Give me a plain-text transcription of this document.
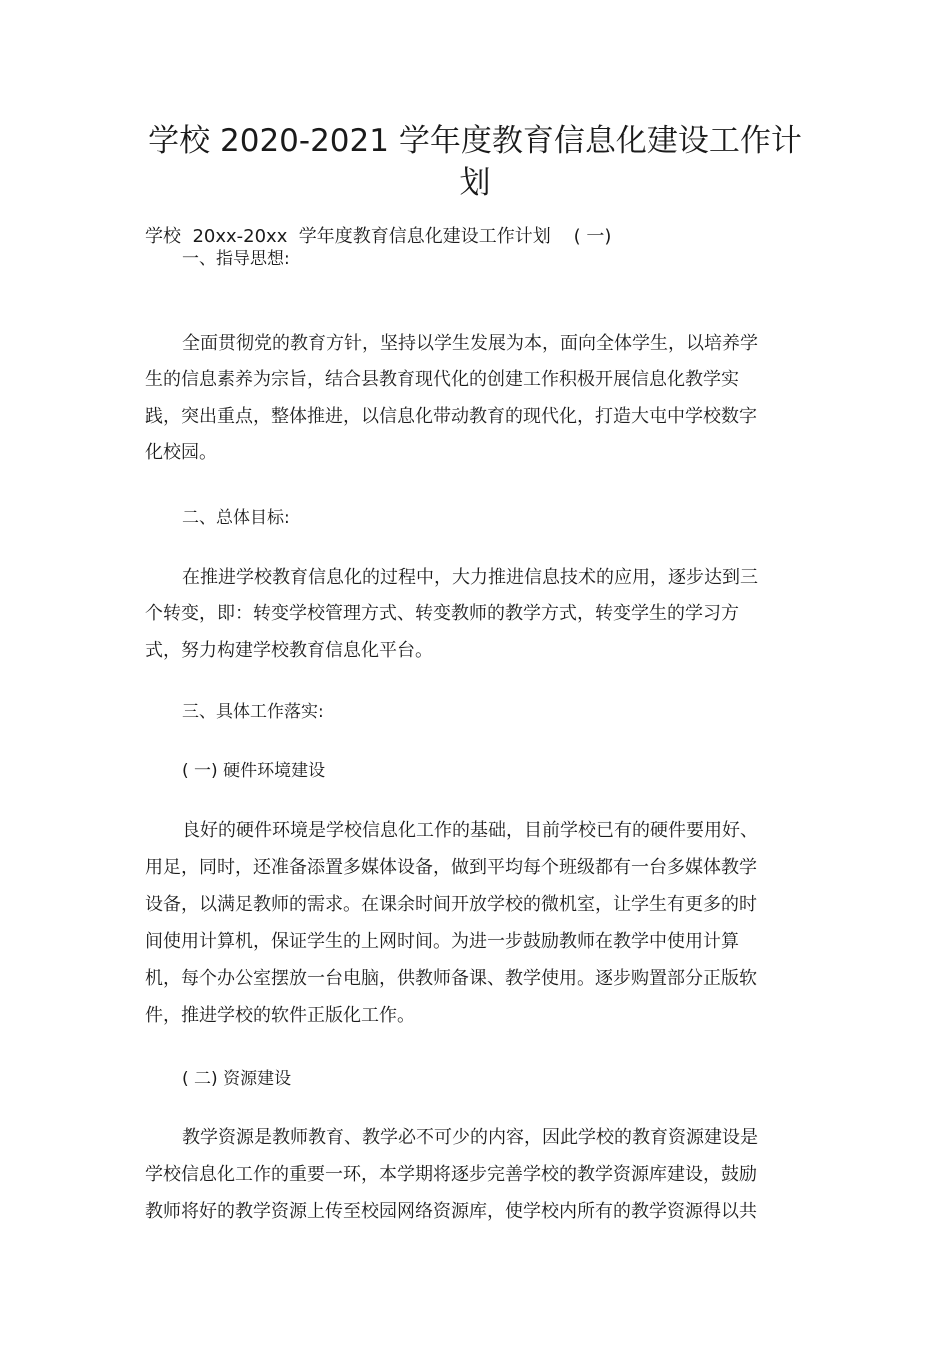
学校 2020-2021 学年度教育信息化建设工作计
划
学校  20xx-20xx  学年度教育信息化建设工作计划    ( 一)
一、指导思想:
全面贯彻党的教育方针，坚持以学生发展为本，面向全体学生，以培养学
生的信息素养为宗旨，结合县教育现代化的创建工作积极开展信息化教学实
践，突出重点，整体推进，以信息化带动教育的现代化，打造大屯中学校数字
化校园。
二、总体目标:
在推进学校教育信息化的过程中，大力推进信息技术的应用，逐步达到三
个转变，即：转变学校管理方式、转变教师的教学方式，转变学生的学习方
式，努力构建学校教育信息化平台。
三、具体工作落实:
( 一) 硬件环境建设
良好的硬件环境是学校信息化工作的基础，目前学校已有的硬件要用好、
用足，同时，还准备添置多媒体设备，做到平均每个班级都有一台多媒体教学
设备，以满足教师的需求。在课余时间开放学校的微机室，让学生有更多的时
间使用计算机，保证学生的上网时间。为进一步鼓励教师在教学中使用计算
机，每个办公室摆放一台电脑，供教师备课、教学使用。逐步购置部分正版软
件，推进学校的软件正版化工作。
( 二) 资源建设
教学资源是教师教育、教学必不可少的内容，因此学校的教育资源建设是
学校信息化工作的重要一环，本学期将逐步完善学校的教学资源库建设，鼓励
教师将好的教学资源上传至校园网络资源库，使学校内所有的教学资源得以共
